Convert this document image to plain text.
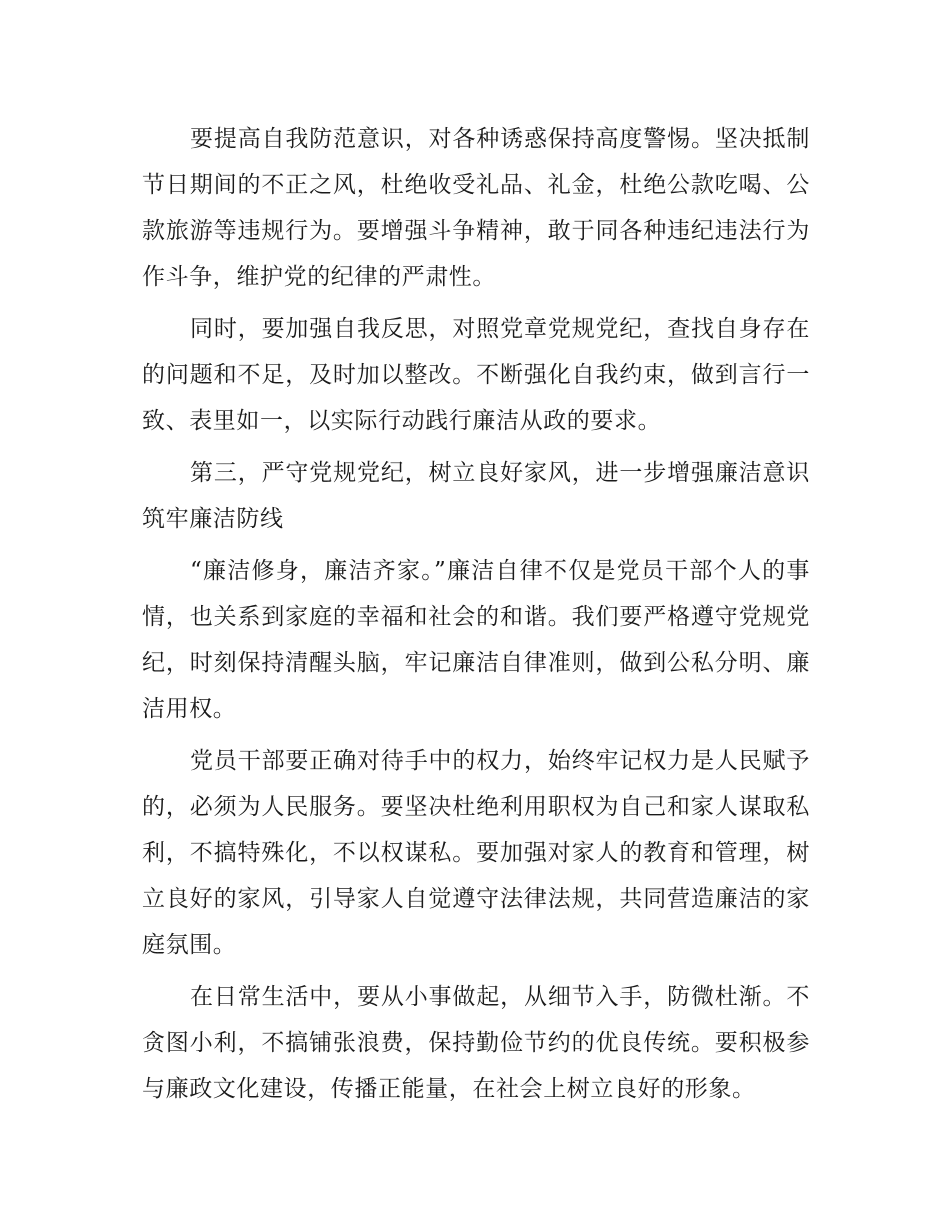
要提高自我防范意识，对各种诱惑保持高度警惕。坚决抵制节日期间的不正之风，杜绝收受礼品、礼金，杜绝公款吃喝、公款旅游等违规行为。要增强斗争精神，敢于同各种违纪违法行为作斗争，维护党的纪律的严肃性。

同时，要加强自我反思，对照党章党规党纪，查找自身存在的问题和不足，及时加以整改。不断强化自我约束，做到言行一致、表里如一，以实际行动践行廉洁从政的要求。

第三，严守党规党纪，树立良好家风，进一步增强廉洁意识筑牢廉洁防线

“廉洁修身，廉洁齐家。”廉洁自律不仅是党员干部个人的事情，也关系到家庭的幸福和社会的和谐。我们要严格遵守党规党纪，时刻保持清醒头脑，牢记廉洁自律准则，做到公私分明、廉洁用权。

党员干部要正确对待手中的权力，始终牢记权力是人民赋予的，必须为人民服务。要坚决杜绝利用职权为自己和家人谋取私利，不搞特殊化，不以权谋私。要加强对家人的教育和管理，树立良好的家风，引导家人自觉遵守法律法规，共同营造廉洁的家庭氛围。

在日常生活中，要从小事做起，从细节入手，防微杜渐。不贪图小利，不搞铺张浪费，保持勤俭节约的优良传统。要积极参与廉政文化建设，传播正能量，在社会上树立良好的形象。
